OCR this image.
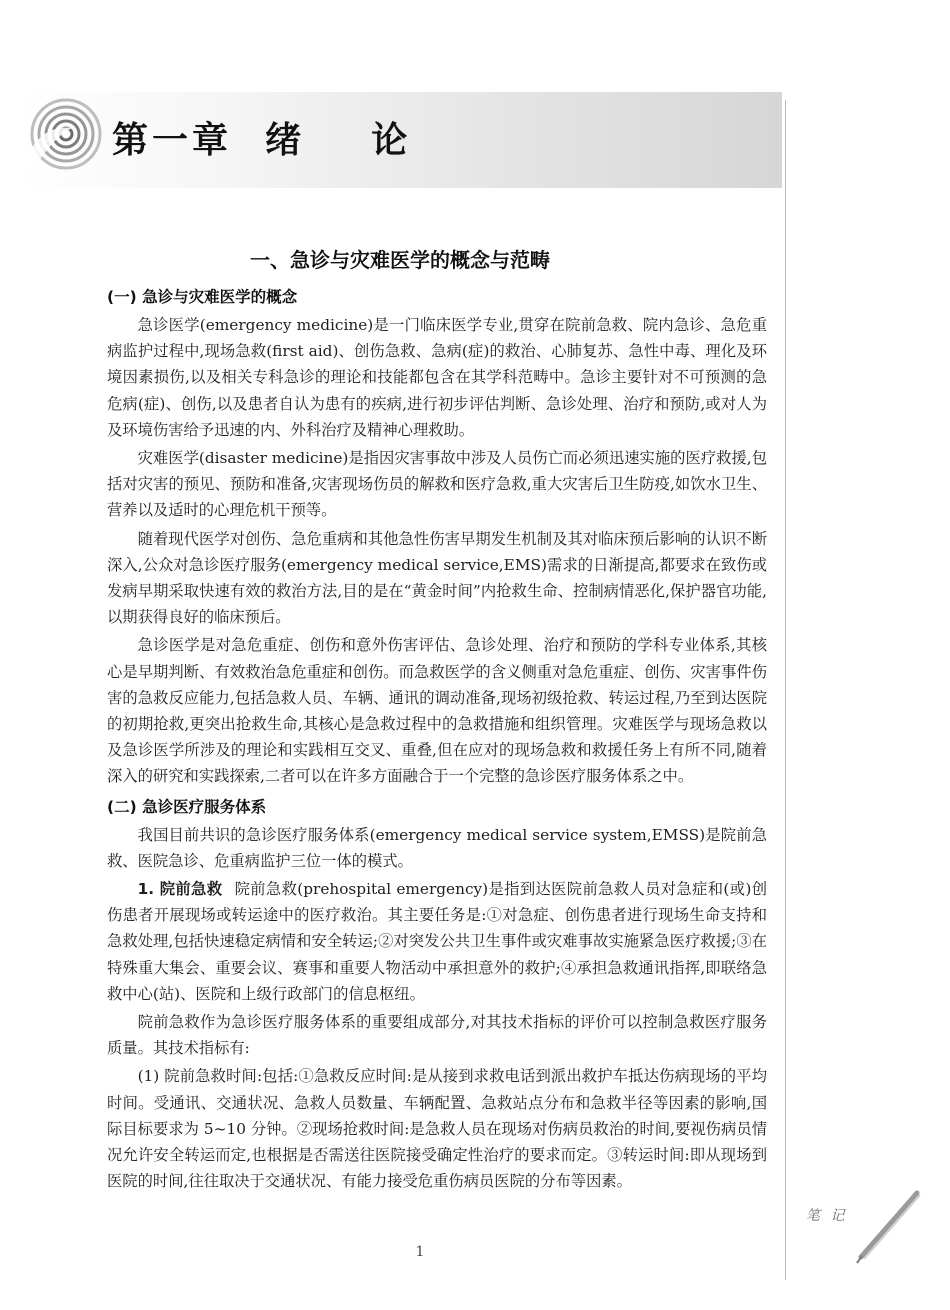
第一章  绪    论
一、急诊与灾难医学的概念与范畴

(一) 急诊与灾难医学的概念

急诊医学(emergency medicine)是一门临床医学专业,贯穿在院前急救、院内急诊、急危重病监护过程中,现场急救(first aid)、创伤急救、急病(症)的救治、心肺复苏、急性中毒、理化及环境因素损伤,以及相关专科急诊的理论和技能都包含在其学科范畴中。急诊主要针对不可预测的急危病(症)、创伤,以及患者自认为患有的疾病,进行初步评估判断、急诊处理、治疗和预防,或对人为及环境伤害给予迅速的内、外科治疗及精神心理救助。

灾难医学(disaster medicine)是指因灾害事故中涉及人员伤亡而必须迅速实施的医疗救援,包括对灾害的预见、预防和准备,灾害现场伤员的解救和医疗急救,重大灾害后卫生防疫,如饮水卫生、营养以及适时的心理危机干预等。

随着现代医学对创伤、急危重病和其他急性伤害早期发生机制及其对临床预后影响的认识不断深入,公众对急诊医疗服务(emergency medical service,EMS)需求的日渐提高,都要求在致伤或发病早期采取快速有效的救治方法,目的是在“黄金时间”内抢救生命、控制病情恶化,保护器官功能,以期获得良好的临床预后。

急诊医学是对急危重症、创伤和意外伤害评估、急诊处理、治疗和预防的学科专业体系,其核心是早期判断、有效救治急危重症和创伤。而急救医学的含义侧重对急危重症、创伤、灾害事件伤害的急救反应能力,包括急救人员、车辆、通讯的调动准备,现场初级抢救、转运过程,乃至到达医院的初期抢救,更突出抢救生命,其核心是急救过程中的急救措施和组织管理。灾难医学与现场急救以及急诊医学所涉及的理论和实践相互交叉、重叠,但在应对的现场急救和救援任务上有所不同,随着深入的研究和实践探索,二者可以在许多方面融合于一个完整的急诊医疗服务体系之中。

(二) 急诊医疗服务体系

我国目前共识的急诊医疗服务体系(emergency medical service system,EMSS)是院前急救、医院急诊、危重病监护三位一体的模式。

1. 院前急救 院前急救(prehospital emergency)是指到达医院前急救人员对急症和(或)创伤患者开展现场或转运途中的医疗救治。其主要任务是:①对急症、创伤患者进行现场生命支持和急救处理,包括快速稳定病情和安全转运;②对突发公共卫生事件或灾难事故实施紧急医疗救援;③在特殊重大集会、重要会议、赛事和重要人物活动中承担意外的救护;④承担急救通讯指挥,即联络急救中心(站)、医院和上级行政部门的信息枢纽。

院前急救作为急诊医疗服务体系的重要组成部分,对其技术指标的评价可以控制急救医疗服务质量。其技术指标有:

(1) 院前急救时间:包括:①急救反应时间:是从接到求救电话到派出救护车抵达伤病现场的平均时间。受通讯、交通状况、急救人员数量、车辆配置、急救站点分布和急救半径等因素的影响,国际目标要求为 5~10 分钟。②现场抢救时间:是急救人员在现场对伤病员救治的时间,要视伤病员情况允许安全转运而定,也根据是否需送往医院接受确定性治疗的要求而定。③转运时间:即从现场到医院的时间,往往取决于交通状况、有能力接受危重伤病员医院的分布等因素。

1
笔 记
